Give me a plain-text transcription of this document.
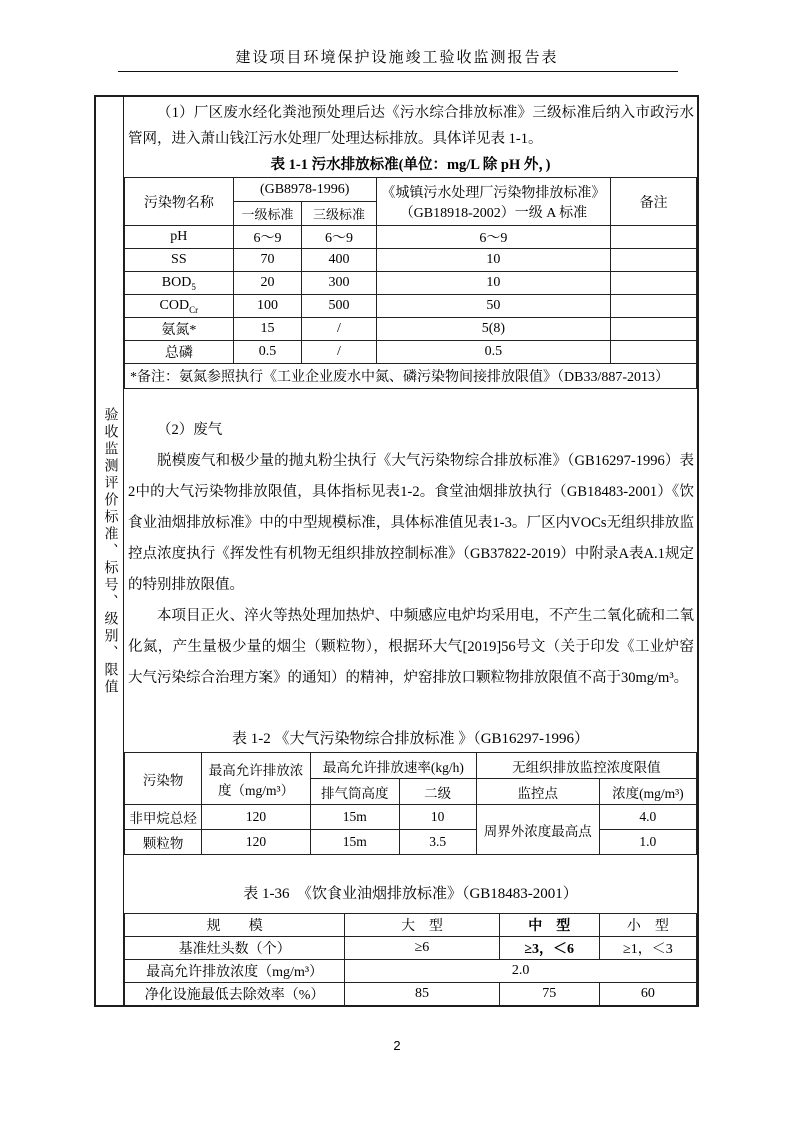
建设项目环境保护设施竣工验收监测报告表
验收监测评价标准、标号、级别、限值
（1）厂区废水经化粪池预处理后达《污水综合排放标准》三级标准后纳入市政污水管网，进入萧山钱江污水处理厂处理达标排放。具体详见表 1-1。
表 1-1 污水排放标准(单位：mg/L 除 pH 外，)
污染物名称	(GB8978-1996)		《城镇污水处理厂污染物排放标准》（GB18918-2002）一级 A 标准	备注
	一级标准	三级标准		
pH	6～9	6～9	6～9	
SS	70	400	10	
$BOD_5$	20	300	10	
$COD_{Cr}$	100	500	50	
氨氮*	15	/	5(8)	
总磷	0.5	/	0.5	
*备注：氨氮参照执行《工业企业废水中氮、磷污染物间接排放限值》（DB33/887-2013）				

（2）废气

脱模废气和极少量的抛丸粉尘执行《大气污染物综合排放标准》（GB16297-1996）表2中的大气污染物排放限值，具体指标见表1-2。食堂油烟排放执行（GB18483-2001）《饮食业油烟排放标准》中的中型规模标准，具体标准值见表1-3。厂区内VOCs无组织排放监控点浓度执行《挥发性有机物无组织排放控制标准》（GB37822-2019）中附录A表A.1规定的特别排放限值。

本项目正火、淬火等热处理加热炉、中频感应电炉均采用电，不产生二氧化硫和二氧化氮，产生量极少量的烟尘（颗粒物），根据环大气[2019]56号文（关于印发《工业炉窑大气污染综合治理方案》的通知）的精神，炉窑排放口颗粒物排放限值不高于30mg/m³。

表 1-2 《大气污染物综合排放标准 》（GB16297-1996）
污染物	最高允许排放浓度（mg/m³）	最高允许排放速率(kg/h)		无组织排放监控浓度限值	
		排气筒高度	二级	监控点	浓度(mg/m³)
非甲烷总烃	120	15m	10	周界外浓度最高点	4.0
颗粒物	120	15m	3.5		1.0
表 1-36　《饮食业油烟排放标准》（GB18483-2001）
规　　模	大　型	中　型	小　型
基准灶头数（个）	≥6	≥3，＜6	≥1，＜3
最高允许排放浓度（mg/m³）	2.0		
净化设施最低去除效率（%）	85	75	60
2
